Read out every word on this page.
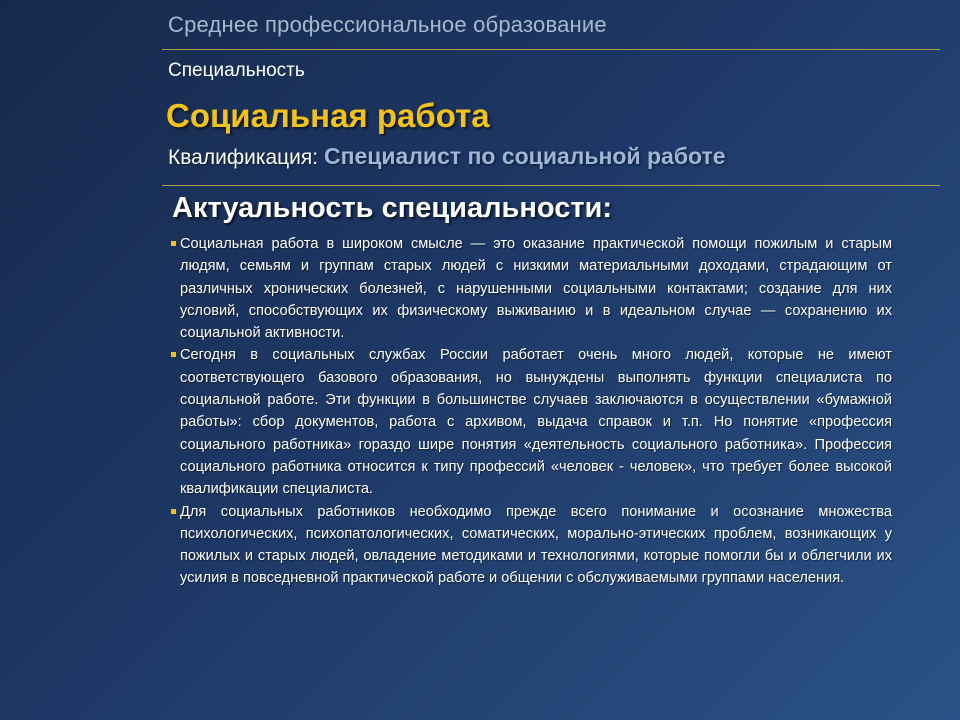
Среднее профессиональное образование
Специальность
Социальная работа
Квалификация: Специалист по социальной работе
Актуальность специальности:
Социальная работа в широком смысле — это оказание практической помощи пожилым и старым людям, семьям и группам старых людей с низкими материальными доходами, страдающим от различных хронических болезней, с нарушенными социальными контактами; создание для них условий, способствующих их физическому выживанию и в идеальном случае — сохранению их социальной активности.
Сегодня в социальных службах России работает очень много людей, которые не имеют соответствующего базового образования, но вынуждены выполнять функции специалиста по социальной работе. Эти функции в большинстве случаев заключаются в осуществлении «бумажной работы»: сбор документов, работа с архивом, выдача справок и т.п. Но понятие «профессия социального работника» гораздо шире понятия «деятельность социального работника». Профессия социального работника относится к типу профессий «человек - человек», что требует более высокой квалификации специалиста.
Для социальных работников необходимо прежде всего понимание и осознание множества психологических, психопатологических, соматических, морально-этических проблем, возникающих у пожилых и старых людей, овладение методиками и технологиями, которые помогли бы и облегчили их усилия в повседневной практической работе и общении с обслуживаемыми группами населения.
